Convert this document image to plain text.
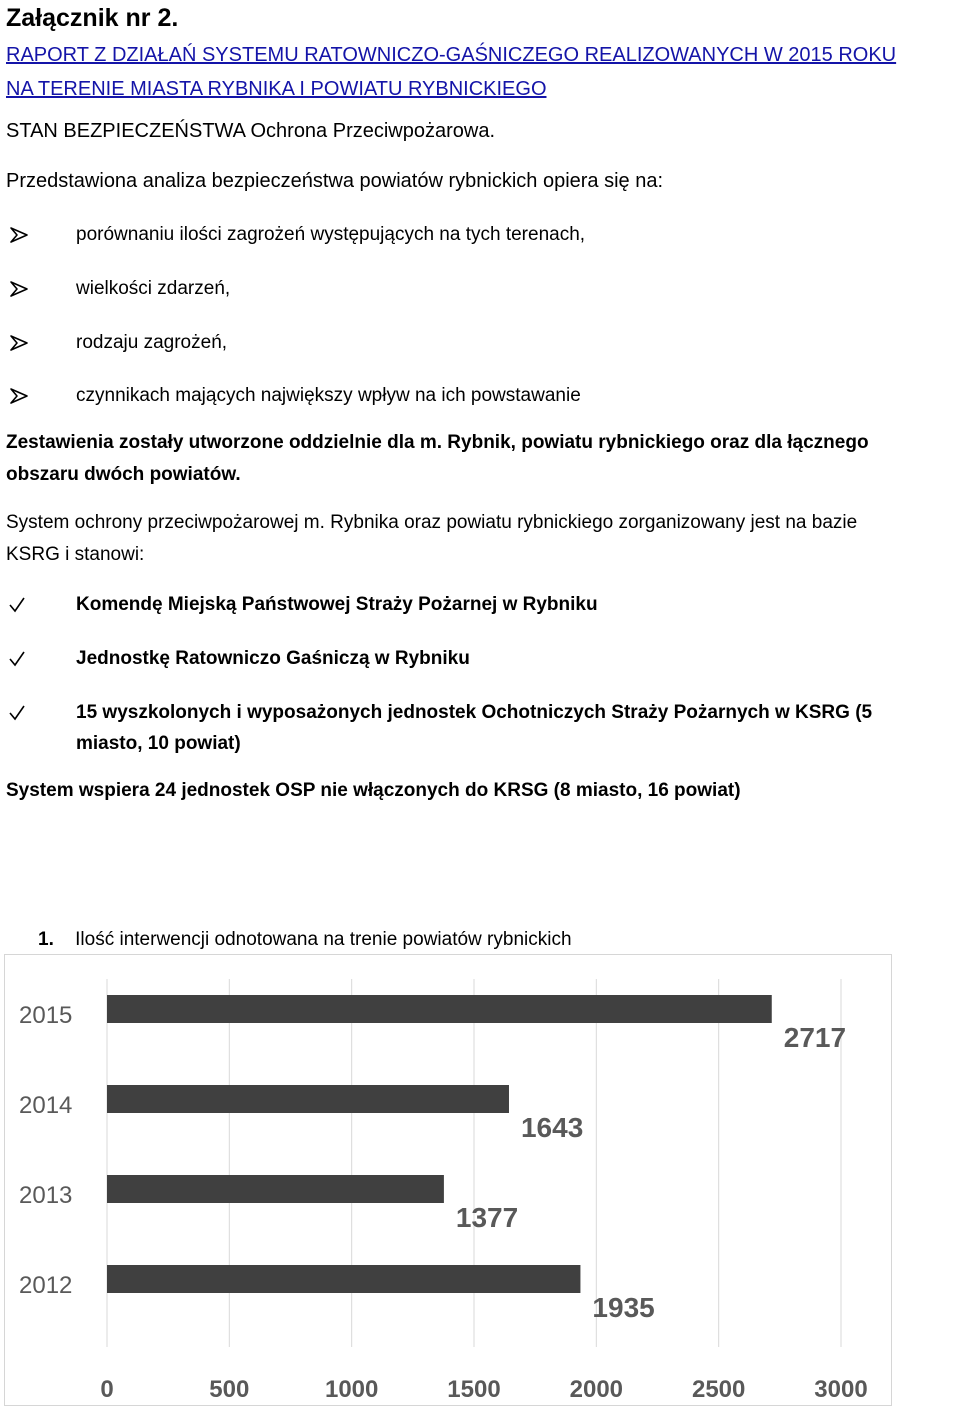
Załącznik nr 2.
RAPORT Z DZIAŁAŃ SYSTEMU RATOWNICZO-GAŚNICZEGO REALIZOWANYCH W 2015 ROKU
NA TERENIE MIASTA RYBNIKA I POWIATU RYBNICKIEGO
STAN BEZPIECZEŃSTWA Ochrona Przeciwpożarowa.
Przedstawiona analiza bezpieczeństwa powiatów rybnickich opiera się na:
porównaniu ilości zagrożeń występujących na tych terenach,
wielkości zdarzeń,
rodzaju zagrożeń,
czynnikach mających największy wpływ na ich powstawanie
Zestawienia zostały utworzone oddzielnie dla m. Rybnik, powiatu rybnickiego oraz dla łącznego
obszaru dwóch powiatów.
System ochrony przeciwpożarowej m. Rybnika oraz powiatu rybnickiego zorganizowany jest na bazie
KSRG i stanowi:
Komendę Miejską Państwowej Straży Pożarnej w Rybniku
Jednostkę Ratowniczo Gaśniczą w Rybniku
15 wyszkolonych i wyposażonych jednostek Ochotniczych Straży Pożarnych w KSRG (5
miasto, 10 powiat)
System wspiera 24 jednostek OSP nie włączonych do KRSG (8 miasto, 16 powiat)
1. Ilość interwencji odnotowana na trenie powiatów rybnickich
0	500	1000	1500	2000	2500	3000
2015
2717
2014
1643
2013
1377
2012
1935
